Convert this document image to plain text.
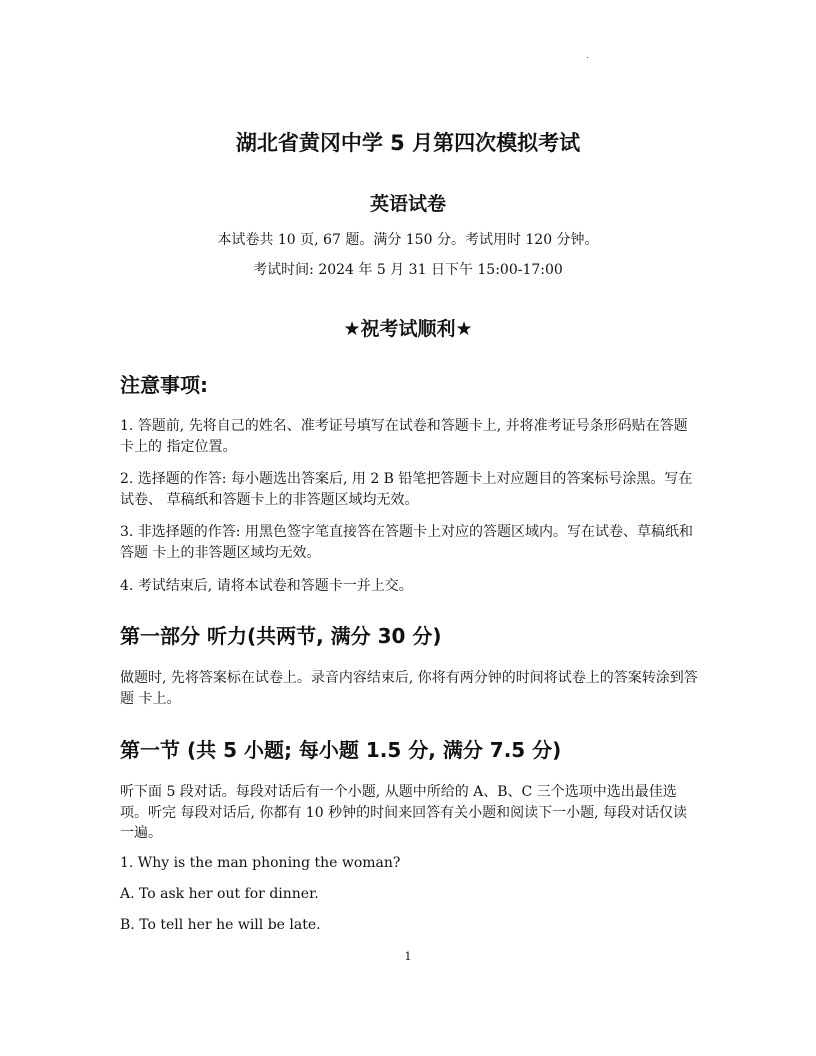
.
湖北省黄冈中学 5 月第四次模拟考试
英语试卷
本试卷共 10 页, 67 题。满分 150 分。考试用时 120 分钟。
考试时间: 2024 年 5 月 31 日下午 15:00-17:00
★祝考试顺利★
注意事项:

1. 答题前, 先将自己的姓名、准考证号填写在试卷和答题卡上, 并将准考证号条形码贴在答题卡上的 指定位置。

2. 选择题的作答: 每小题选出答案后, 用 2 B 铅笔把答题卡上对应题目的答案标号涂黑。写在试卷、 草稿纸和答题卡上的非答题区域均无效。

3. 非选择题的作答: 用黑色签字笔直接答在答题卡上对应的答题区域内。写在试卷、草稿纸和答题 卡上的非答题区域均无效。

4. 考试结束后, 请将本试卷和答题卡一并上交。

第一部分 听力(共两节, 满分 30 分)

做题时, 先将答案标在试卷上。录音内容结束后, 你将有两分钟的时间将试卷上的答案转涂到答题 卡上。

第一节 (共 5 小题; 每小题 1.5 分, 满分 7.5 分)

听下面 5 段对话。每段对话后有一个小题, 从题中所给的 A、B、C 三个选项中选出最佳选项。听完 每段对话后, 你都有 10 秒钟的时间来回答有关小题和阅读下一小题, 每段对话仅读一遍。

1. Why is the man phoning the woman?

A. To ask her out for dinner.

B. To tell her he will be late.

1
